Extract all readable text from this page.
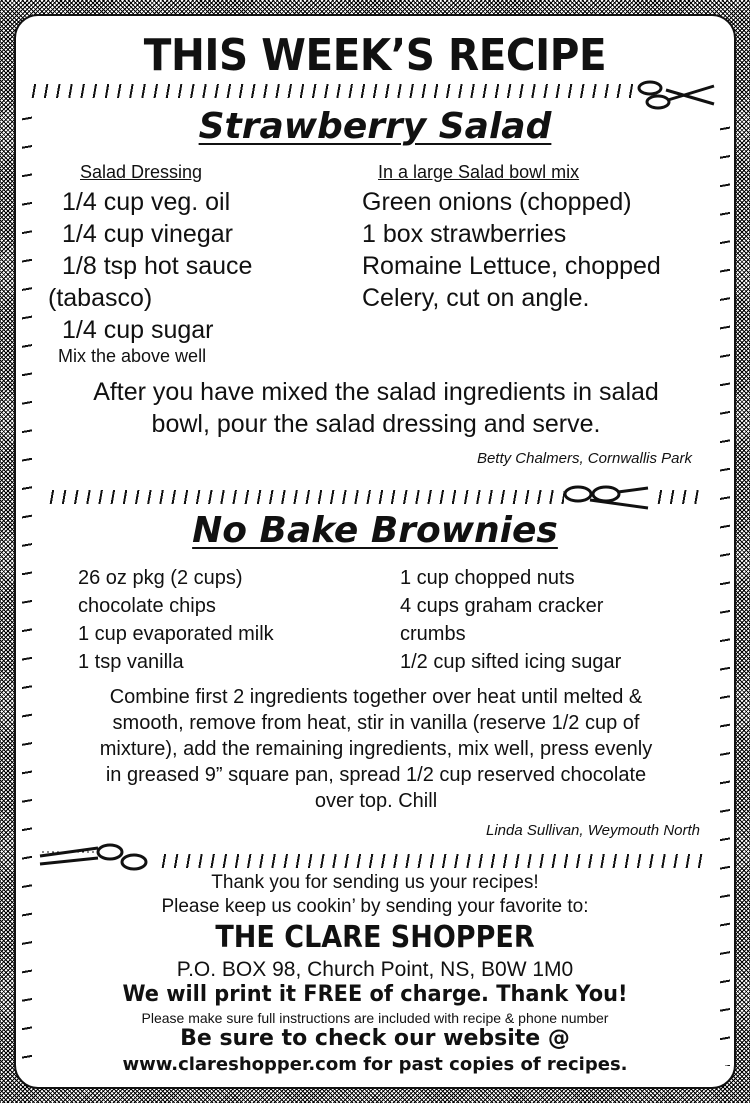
THIS WEEK’S RECIPE
Strawberry Salad
Salad Dressing
1/4 cup veg. oil
1/4 cup vinegar
1/8 tsp hot sauce
(tabasco)
1/4 cup sugar
Mix the above well
In a large Salad bowl mix
Green onions (chopped)
1 box strawberries
Romaine Lettuce, chopped
Celery, cut on angle.
After you have mixed the salad ingredients in salad
bowl, pour the salad dressing and serve.
Betty Chalmers, Cornwallis Park
No Bake Brownies
26 oz pkg (2 cups)
chocolate chips
1 cup evaporated milk
1 tsp vanilla
1 cup chopped nuts
4 cups graham cracker
crumbs
1/2 cup sifted icing sugar
Combine first 2 ingredients together over heat until melted &
smooth, remove from heat, stir in vanilla (reserve 1/2 cup of
mixture), add the remaining ingredients, mix well, press evenly
in greased 9” square pan, spread 1/2 cup reserved chocolate
over top. Chill
Linda Sullivan, Weymouth North
Thank you for sending us your recipes!
Please keep us cookin’ by sending your favorite to:
THE CLARE SHOPPER
P.O. BOX 98, Church Point, NS, B0W 1M0
We will print it FREE of charge. Thank You!
Please make sure full instructions are included with recipe & phone number
Be sure to check our website @
www.clareshopper.com for past copies of recipes.
